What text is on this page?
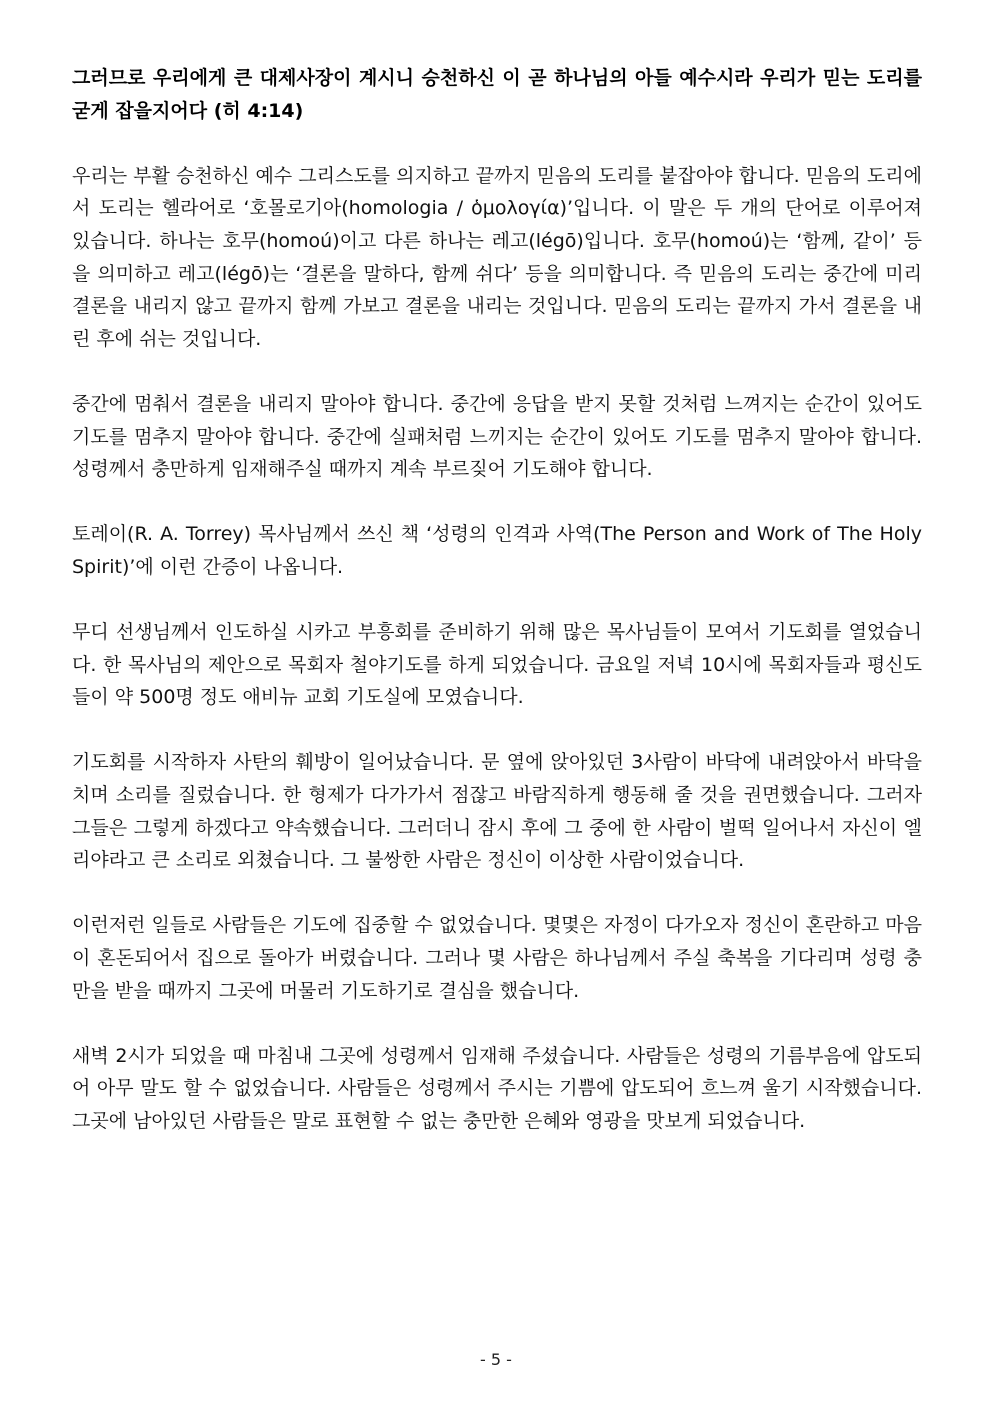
그러므로 우리에게 큰 대제사장이 계시니 승천하신 이 곧 하나님의 아들 예수시라 우리가 믿는 도리를 굳게 잡을지어다 (히 4:14)

우리는 부활 승천하신 예수 그리스도를 의지하고 끝까지 믿음의 도리를 붙잡아야 합니다. 믿음의 도리에서 도리는 헬라어로 ‘호몰로기아(homologia / ὁμολογία)’입니다. 이 말은 두 개의 단어로 이루어져 있습니다. 하나는 호무(homoú)이고 다른 하나는 레고(légō)입니다. 호무(homoú)는 ‘함께, 같이’ 등을 의미하고 레고(légō)는 ‘결론을 말하다, 함께 쉬다’ 등을 의미합니다. 즉 믿음의 도리는 중간에 미리 결론을 내리지 않고 끝까지 함께 가보고 결론을 내리는 것입니다. 믿음의 도리는 끝까지 가서 결론을 내린 후에 쉬는 것입니다.

중간에 멈춰서 결론을 내리지 말아야 합니다. 중간에 응답을 받지 못할 것처럼 느껴지는 순간이 있어도 기도를 멈추지 말아야 합니다. 중간에 실패처럼 느끼지는 순간이 있어도 기도를 멈추지 말아야 합니다. 성령께서 충만하게 임재해주실 때까지 계속 부르짖어 기도해야 합니다.

토레이(R. A. Torrey) 목사님께서 쓰신 책 ‘성령의 인격과 사역(The Person and Work of The Holy Spirit)’에 이런 간증이 나옵니다.

무디 선생님께서 인도하실 시카고 부흥회를 준비하기 위해 많은 목사님들이 모여서 기도회를 열었습니다. 한 목사님의 제안으로 목회자 철야기도를 하게 되었습니다. 금요일 저녁 10시에 목회자들과 평신도들이 약 500명 정도 애비뉴 교회 기도실에 모였습니다.

기도회를 시작하자 사탄의 훼방이 일어났습니다. 문 옆에 앉아있던 3사람이 바닥에 내려앉아서 바닥을 치며 소리를 질렀습니다. 한 형제가 다가가서 점잖고 바람직하게 행동해 줄 것을 권면했습니다. 그러자 그들은 그렇게 하겠다고 약속했습니다. 그러더니 잠시 후에 그 중에 한 사람이 벌떡 일어나서 자신이 엘리야라고 큰 소리로 외쳤습니다. 그 불쌍한 사람은 정신이 이상한 사람이었습니다.

이런저런 일들로 사람들은 기도에 집중할 수 없었습니다. 몇몇은 자정이 다가오자 정신이 혼란하고 마음이 혼돈되어서 집으로 돌아가 버렸습니다. 그러나 몇 사람은 하나님께서 주실 축복을 기다리며 성령 충만을 받을 때까지 그곳에 머물러 기도하기로 결심을 했습니다.

새벽 2시가 되었을 때 마침내 그곳에 성령께서 임재해 주셨습니다. 사람들은 성령의 기름부음에 압도되어 아무 말도 할 수 없었습니다. 사람들은 성령께서 주시는 기쁨에 압도되어 흐느껴 울기 시작했습니다. 그곳에 남아있던 사람들은 말로 표현할 수 없는 충만한 은혜와 영광을 맛보게 되었습니다.

- 5 -
